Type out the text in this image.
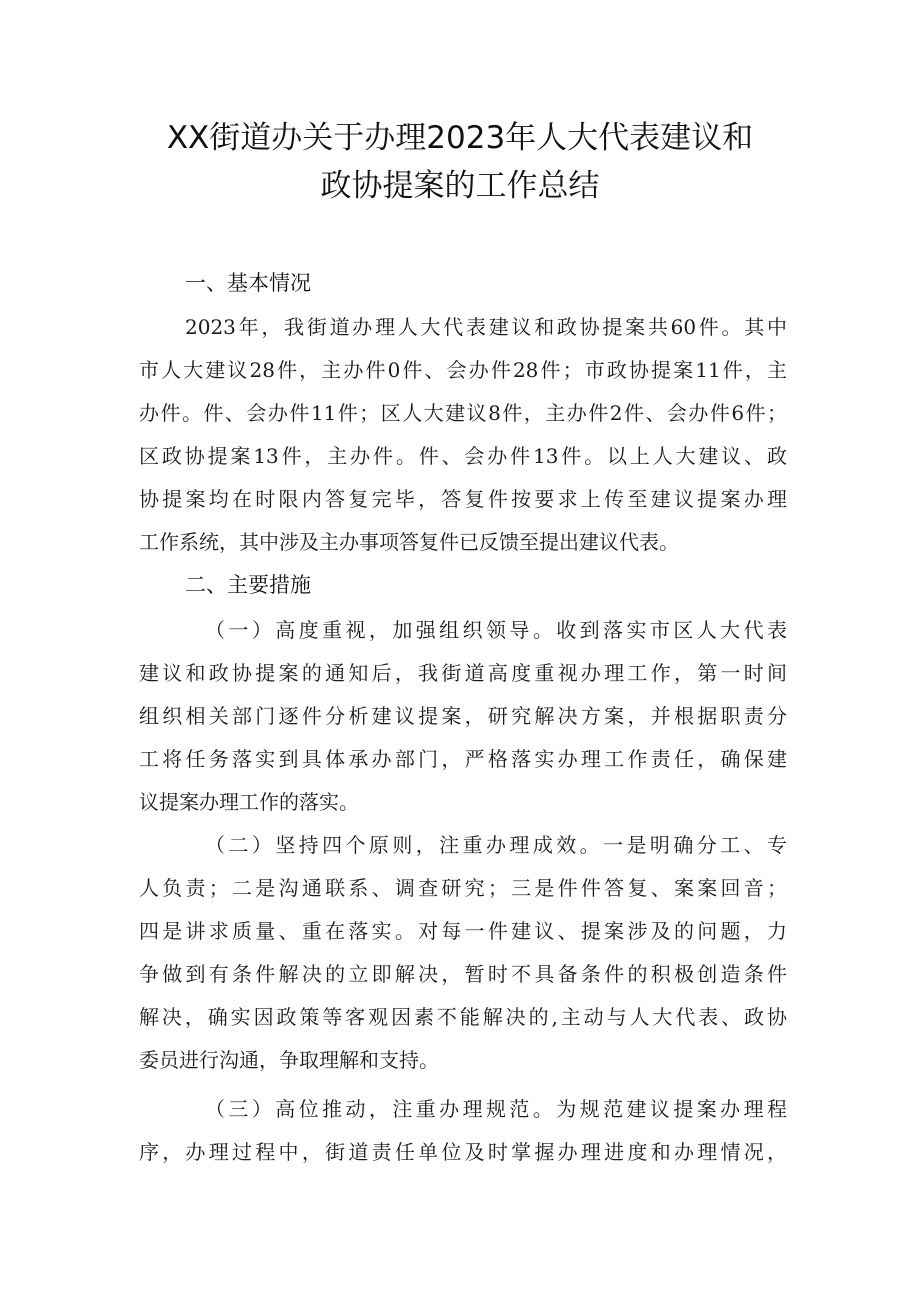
XX街道办关于办理2023年人大代表建议和
政协提案的工作总结
一、基本情况
2023年，我街道办理人大代表建议和政协提案共60件。其中
市人大建议28件，主办件0件、会办件28件；市政协提案11件，主
办件。件、会办件11件；区人大建议8件，主办件2件、会办件6件；
区政协提案13件，主办件。件、会办件13件。以上人大建议、政
协提案均在时限内答复完毕，答复件按要求上传至建议提案办理
工作系统，其中涉及主办事项答复件已反馈至提出建议代表。
二、主要措施
（一）高度重视，加强组织领导。收到落实市区人大代表
建议和政协提案的通知后，我街道高度重视办理工作，第一时间
组织相关部门逐件分析建议提案，研究解决方案，并根据职责分
工将任务落实到具体承办部门，严格落实办理工作责任，确保建
议提案办理工作的落实。
（二）坚持四个原则，注重办理成效。一是明确分工、专
人负责；二是沟通联系、调查研究；三是件件答复、案案回音；
四是讲求质量、重在落实。对每一件建议、提案涉及的问题，力
争做到有条件解决的立即解决，暂时不具备条件的积极创造条件
解决，确实因政策等客观因素不能解决的,主动与人大代表、政协
委员进行沟通，争取理解和支持。
（三）高位推动，注重办理规范。为规范建议提案办理程
序，办理过程中，街道责任单位及时掌握办理进度和办理情况，
